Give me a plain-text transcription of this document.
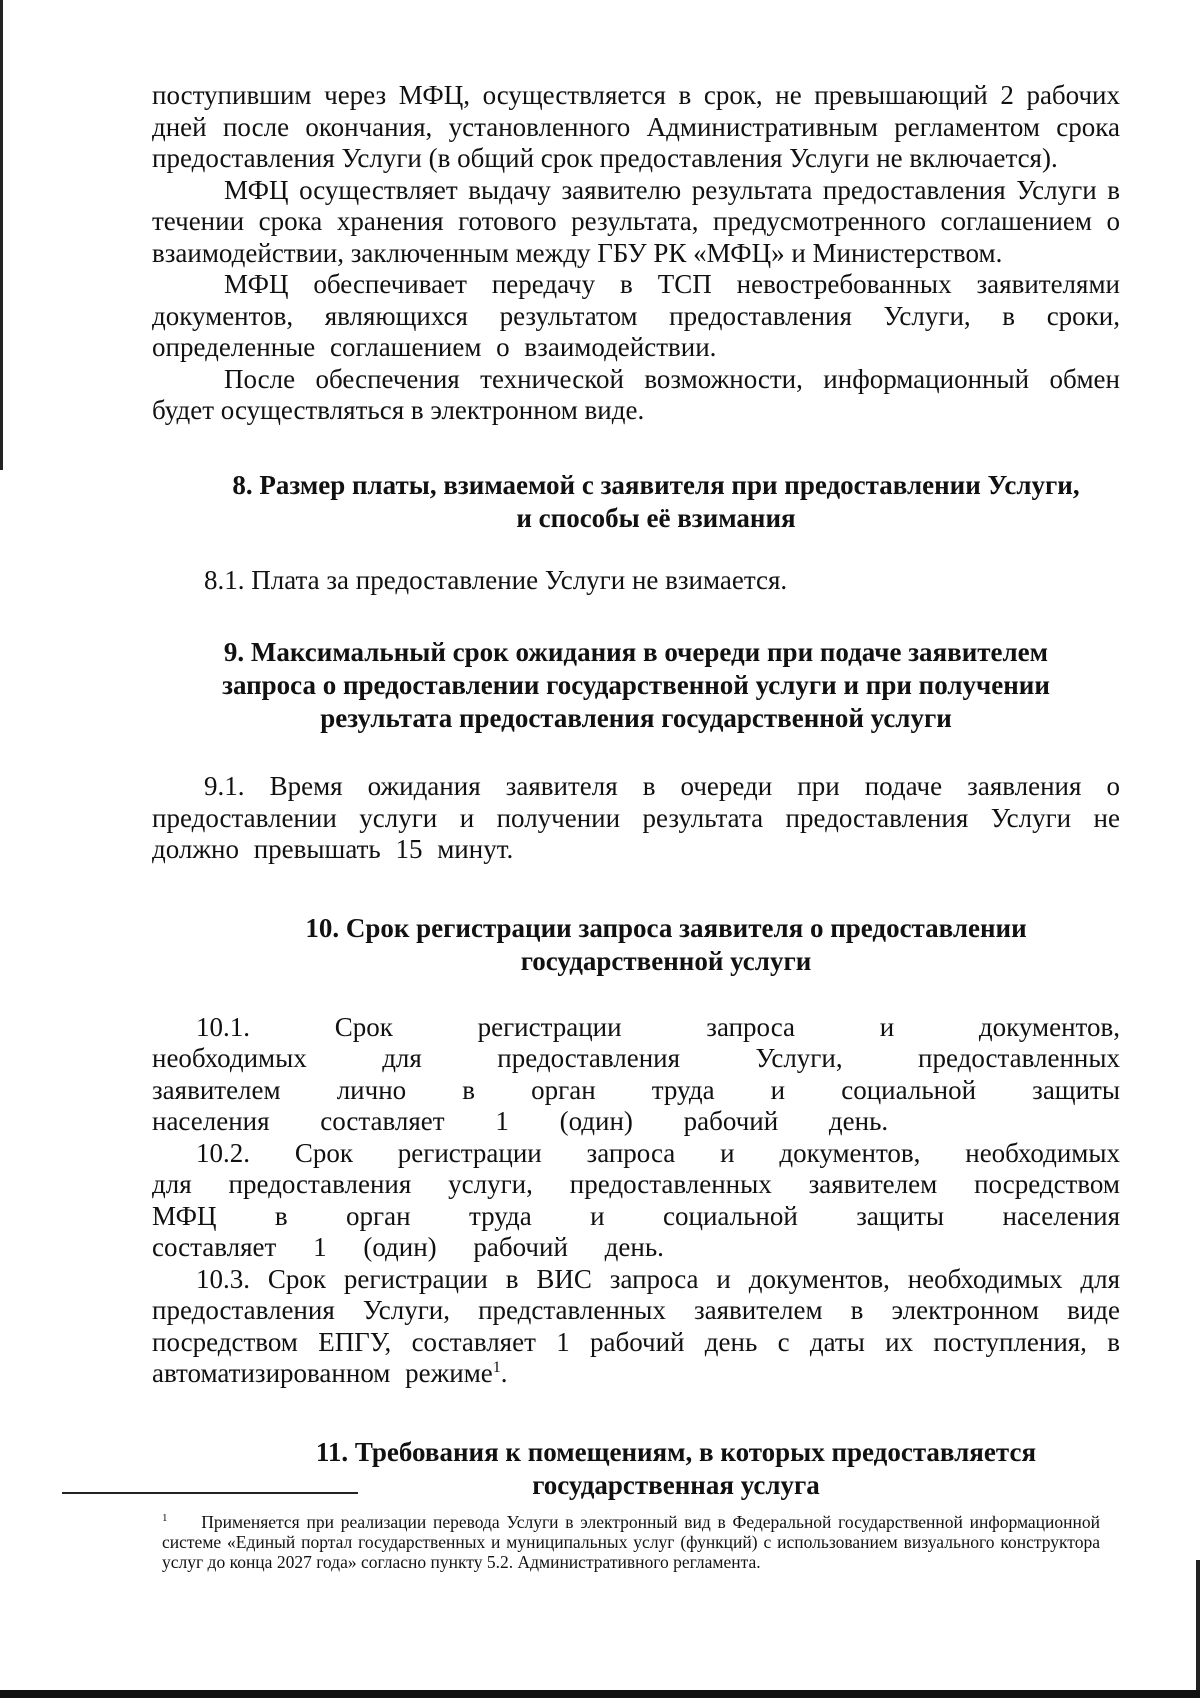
поступившим через МФЦ, осуществляется в срок, не превышающий 2 рабочих дней после окончания, установленного Административным регламентом срока предоставления Услуги (в общий срок предоставления Услуги не включается).

МФЦ осуществляет выдачу заявителю результата предоставления Услуги в течении срока хранения готового результата, предусмотренного соглашением о взаимодействии, заключенным между ГБУ РК «МФЦ» и Министерством.

МФЦ обеспечивает передачу в ТСП невостребованных заявителями документов, являющихся результатом предоставления Услуги, в сроки, определенные соглашением о взаимодействии.

После обеспечения технической возможности, информационный обмен будет осуществляться в электронном виде.

8. Размер платы, взимаемой с заявителя при предоставлении Услуги,
и способы её взимания

8.1. Плата за предоставление Услуги не взимается.

9. Максимальный срок ожидания в очереди при подаче заявителем
запроса о предоставлении государственной услуги и при получении
результата предоставления государственной услуги

9.1. Время ожидания заявителя в очереди при подаче заявления о предоставлении услуги и получении результата предоставления Услуги не должно превышать 15 минут.

10. Срок регистрации запроса заявителя о предоставлении
государственной услуги

10.1. Срок регистрации запроса и документов, необходимых для предоставления Услуги, предоставленных заявителем лично в орган труда и социальной защиты населения составляет 1 (один) рабочий день.

10.2. Срок регистрации запроса и документов, необходимых для предоставления услуги, предоставленных заявителем посредством МФЦ в орган труда и социальной защиты населения составляет 1 (один) рабочий день.

10.3. Срок регистрации в ВИС запроса и документов, необходимых для предоставления Услуги, представленных заявителем в электронном виде посредством ЕПГУ, составляет 1 рабочий день с даты их поступления, в автоматизированном режиме$^1$.

11. Требования к помещениям, в которых предоставляется
государственная услуга
$^1$ Применяется при реализации перевода Услуги в электронный вид в Федеральной государственной информационной системе «Единый портал государственных и муниципальных услуг (функций) с использованием визуального конструктора услуг до конца 2027 года» согласно пункту 5.2. Административного регламента.
